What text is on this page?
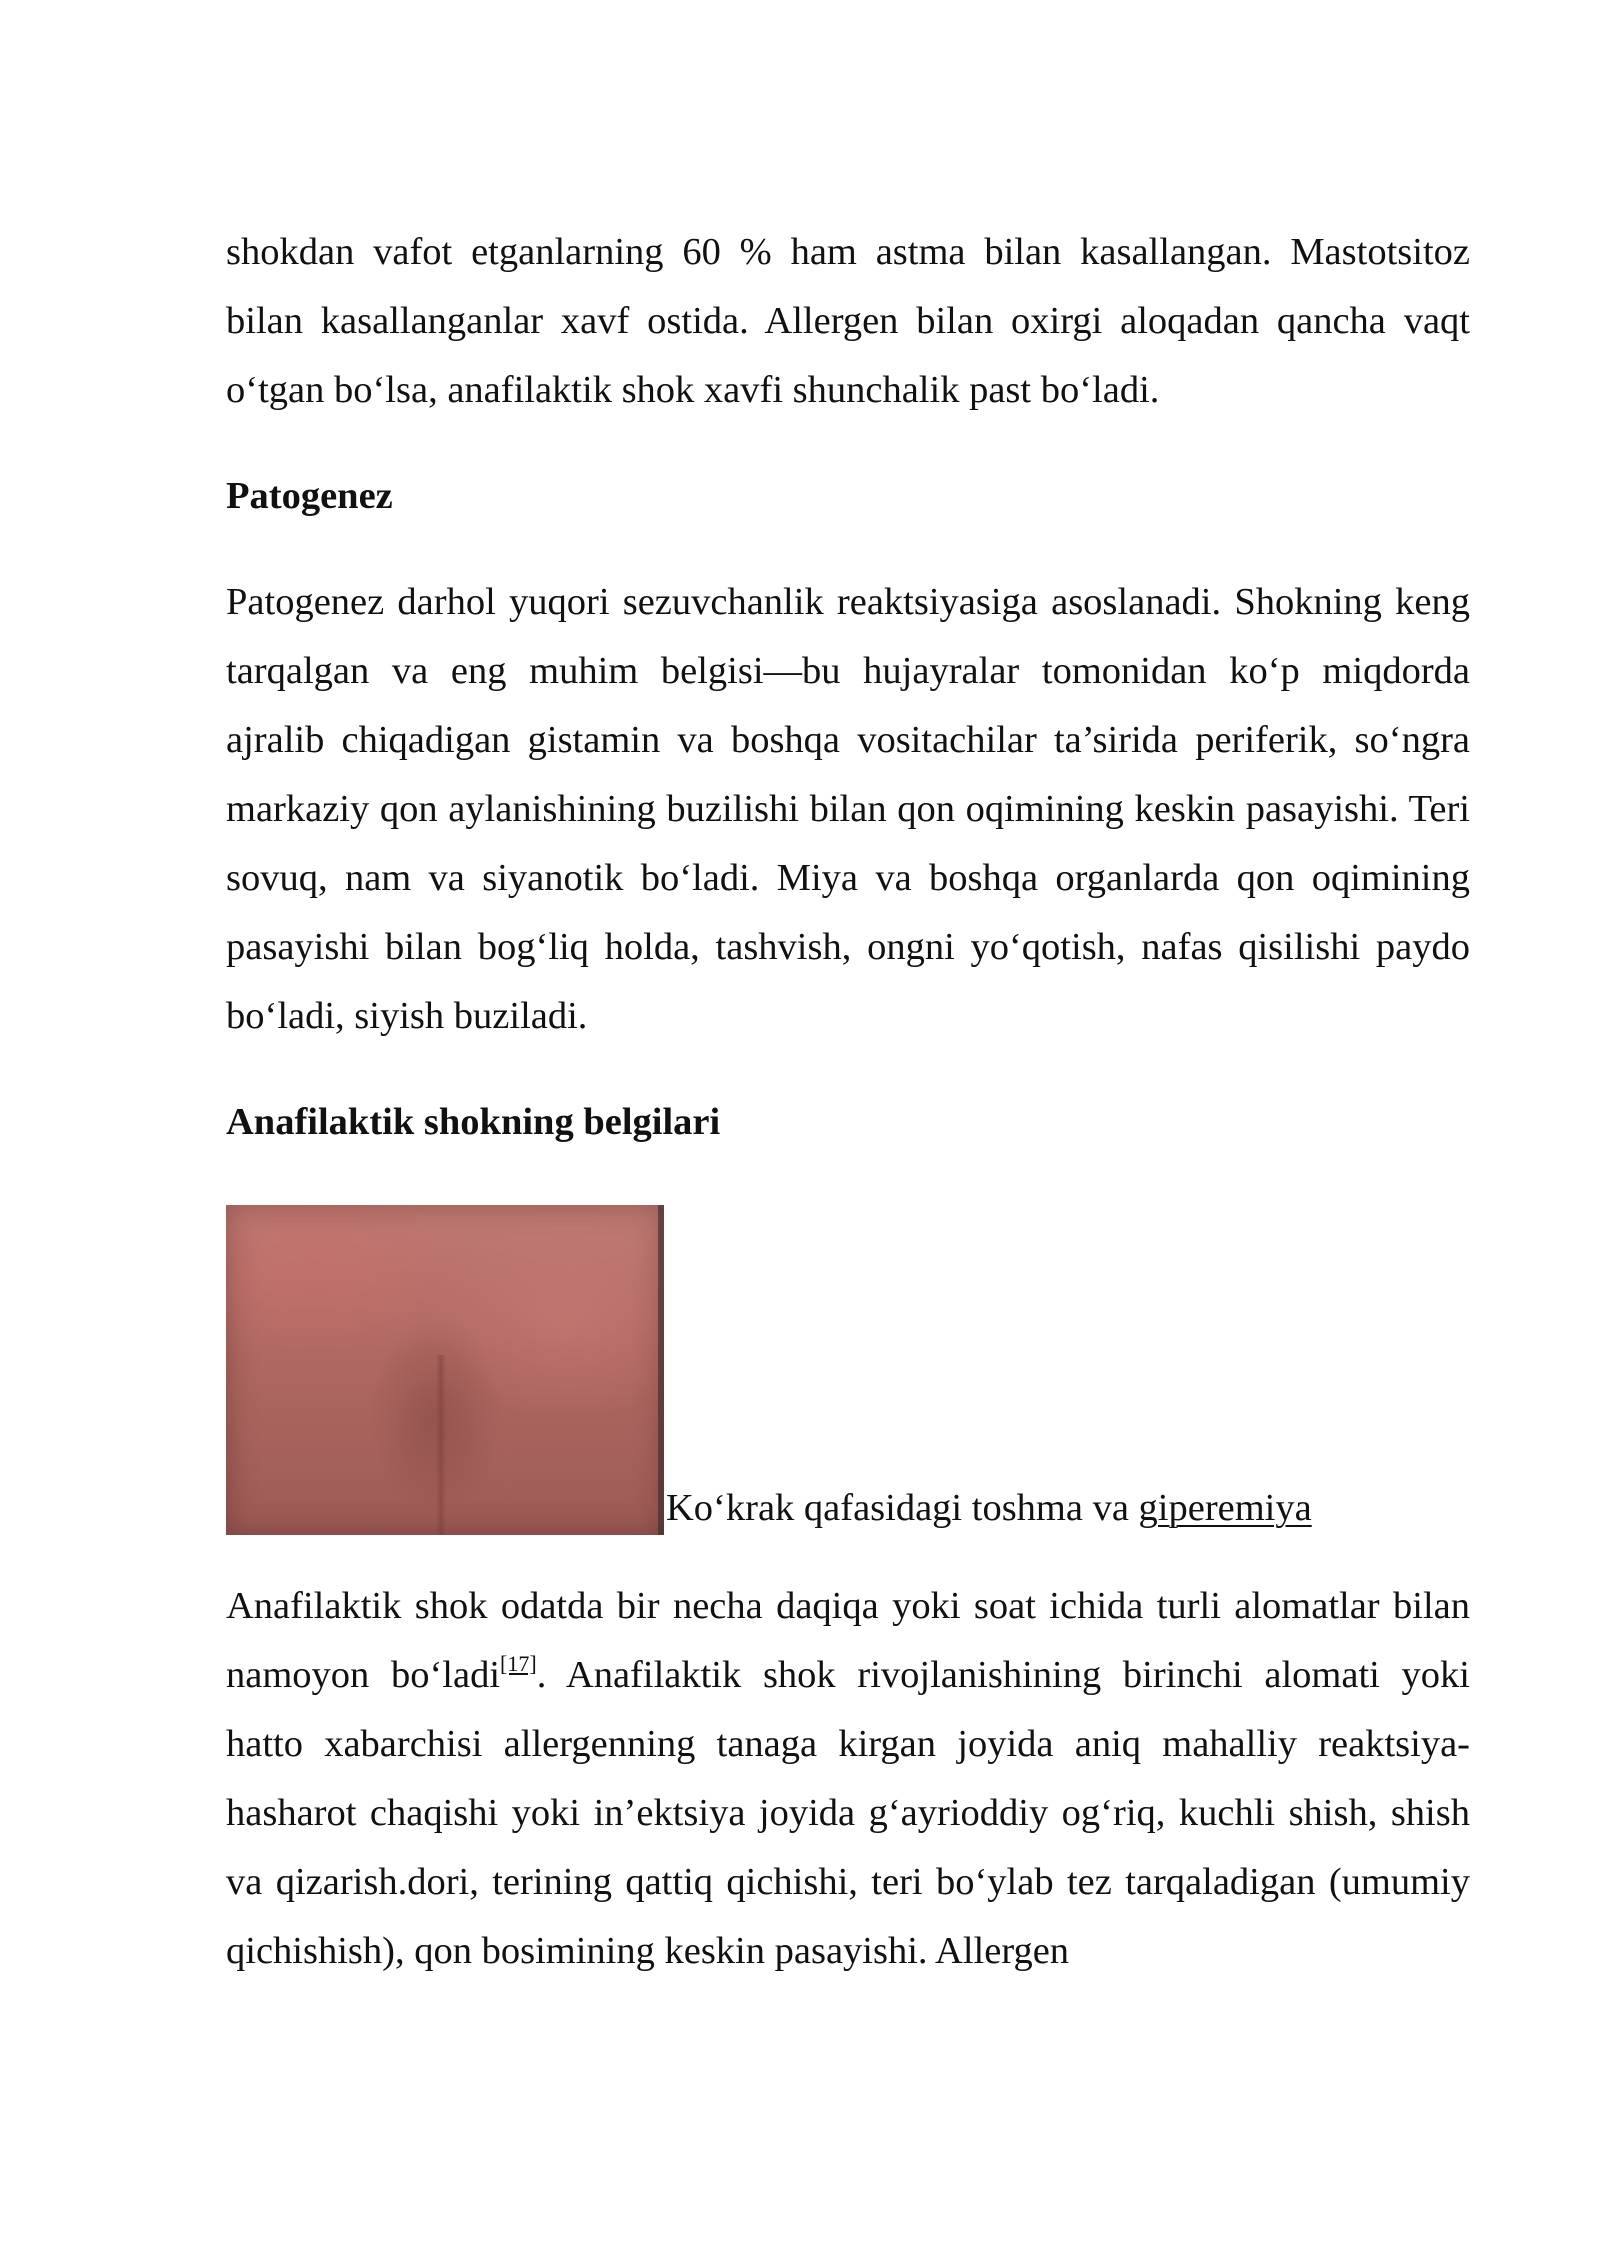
shokdan vafot etganlarning 60 % ham astma bilan kasallangan. Mastotsitoz bilan kasallanganlar xavf ostida. Allergen bilan oxirgi aloqadan qancha vaqt o‘tgan bo‘lsa, anafilaktik shok xavfi shunchalik past bo‘ladi.

Patogenez

Patogenez darhol yuqori sezuvchanlik reaktsiyasiga asoslanadi. Shokning keng tarqalgan va eng muhim belgisi—bu hujayralar tomonidan ko‘p miqdorda ajralib chiqadigan gistamin va boshqa vositachilar ta’sirida periferik, so‘ngra markaziy qon aylanishining buzilishi bilan qon oqimining keskin pasayishi. Teri sovuq, nam va siyanotik bo‘ladi. Miya va boshqa organlarda qon oqimining pasayishi bilan bog‘liq holda, tashvish, ongni yo‘qotish, nafas qisilishi paydo bo‘ladi, siyish buziladi.

Anafilaktik shokning belgilari
Ko‘krak qafasidagi toshma va giperemiya

Anafilaktik shok odatda bir necha daqiqa yoki soat ichida turli alomatlar bilan namoyon bo‘ladi[17]. Anafilaktik shok rivojlanishining birinchi alomati yoki hatto xabarchisi allergenning tanaga kirgan joyida aniq mahalliy reaktsiya-hasharot chaqishi yoki in’ektsiya joyida g‘ayrioddiy og‘riq, kuchli shish, shish va qizarish.dori, terining qattiq qichishi, teri bo‘ylab tez tarqaladigan (umumiy qichishish), qon bosimining keskin pasayishi. Allergen
